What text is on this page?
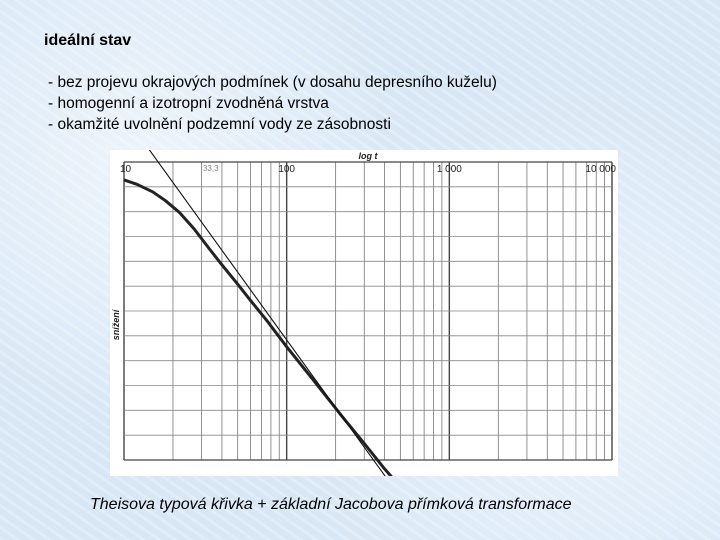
ideální stav
- bez projevu okrajových podmínek (v dosahu depresního kuželu)
- homogenní a izotropní zvodněná vrstva
- okamžité uvolnění podzemní vody ze zásobnosti
10	33,3	100	1 000	10 000
log t
snížení
Theisova typová křivka + základní Jacobova přímková transformace
